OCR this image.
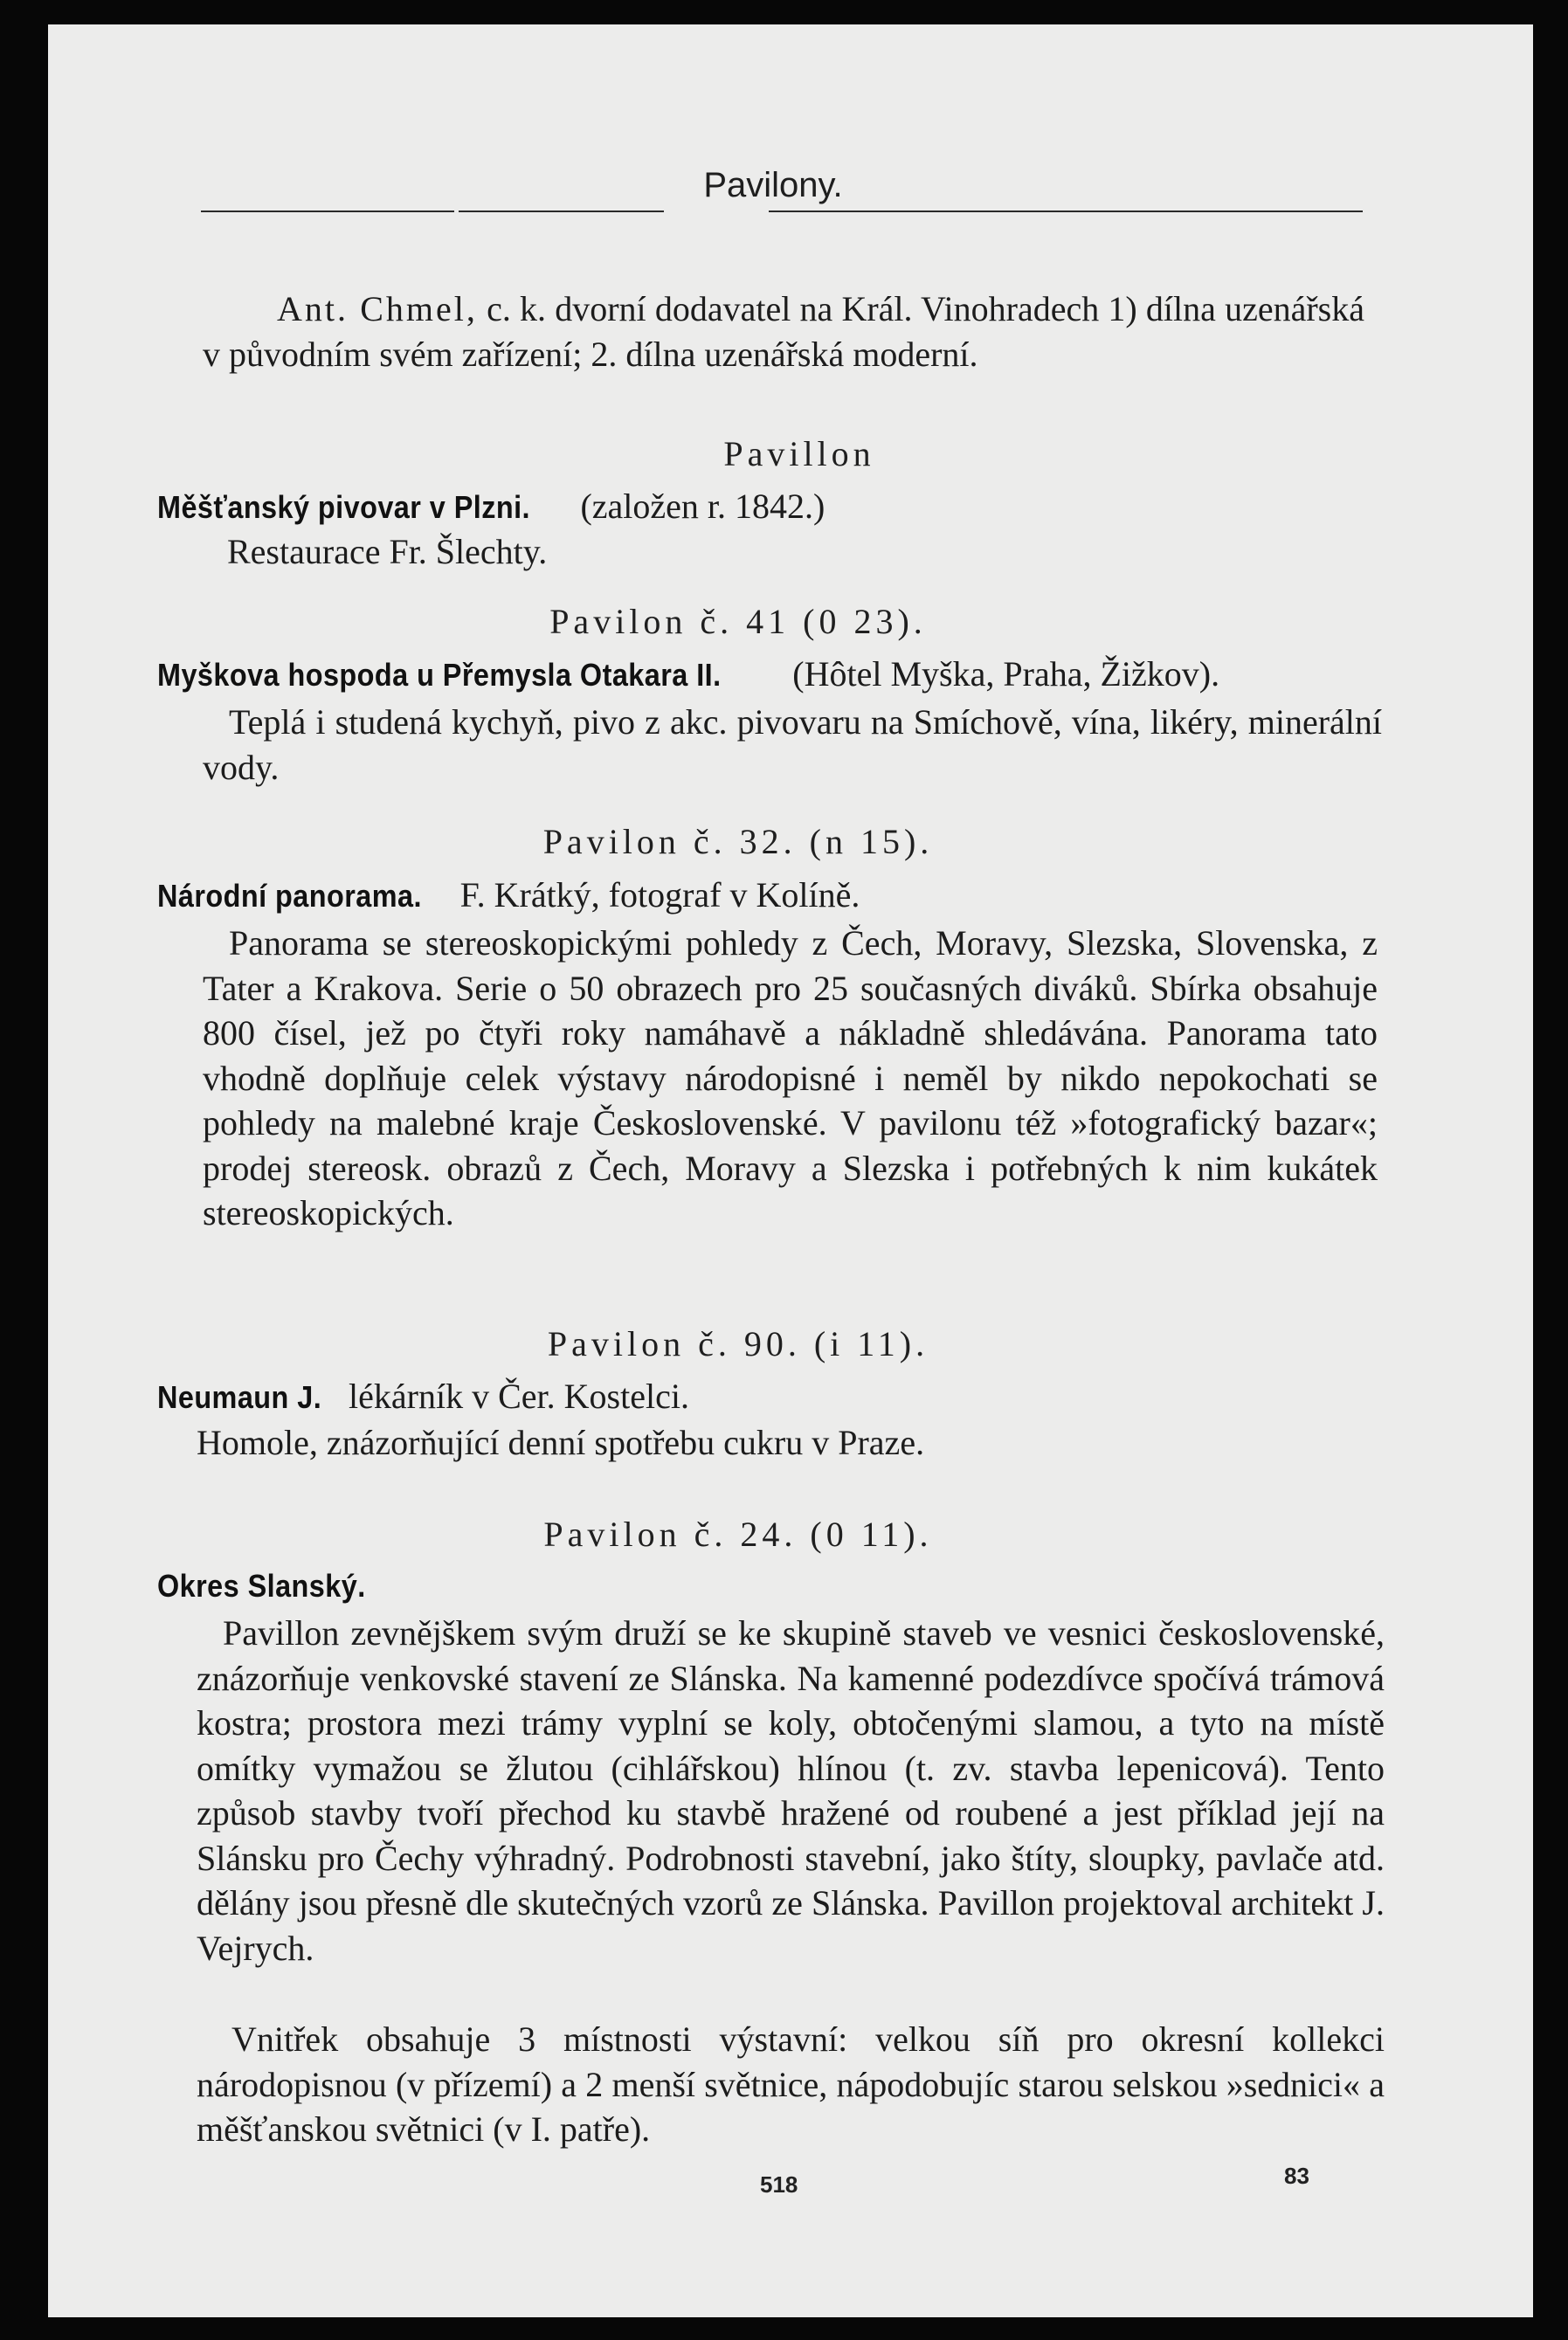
Pavilony.
Ant. Chmel, c. k. dvorní dodavatel na Král. Vinohradech 1) dílna uzenářská v původním svém zařízení; 2. dílna uzenářská moderní.
Pavillon
Měšťanský pivovar v Plzni. (založen r. 1842.)
Restaurace Fr. Šlechty.
Pavilon č. 41 (0 23).
Myškova hospoda u Přemysla Otakara II. (Hôtel Myška, Praha, Žižkov).
Teplá i studená kychyň, pivo z akc. pivovaru na Smíchově, vína, likéry, minerální vody.
Pavilon č. 32. (n 15).
Národní panorama. F. Krátký, fotograf v Kolíně.
Panorama se stereoskopickými pohledy z Čech, Moravy, Slezska, Slovenska, z Tater a Krakova. Serie o 50 obrazech pro 25 současných diváků. Sbírka obsahuje 800 čísel, jež po čtyři roky namáhavě a nákladně shledávána. Panorama tato vhodně doplňuje celek výstavy národopisné i neměl by nikdo nepokochati se pohledy na malebné kraje Československé. V pavilonu též »fotografický bazar«; prodej stereosk. obrazů z Čech, Moravy a Slezska i potřebných k nim kukátek stereoskopických.
Pavilon č. 90. (i 11).
Neumaun J. lékárník v Čer. Kostelci.
Homole, znázorňující denní spotřebu cukru v Praze.
Pavilon č. 24. (0 11).
Okres Slanský.
Pavillon zevnějškem svým druží se ke skupině staveb ve vesnici československé, znázorňuje venkovské stavení ze Slánska. Na kamenné podezdívce spočívá trámová kostra; prostora mezi trámy vyplní se koly, obtočenými slamou, a tyto na místě omítky vymažou se žlutou (cihlářskou) hlínou (t. zv. stavba lepenicová). Tento způsob stavby tvoří přechod ku stavbě hražené od roubené a jest příklad její na Slánsku pro Čechy výhradný. Podrobnosti stavební, jako štíty, sloupky, pavlače atd. dělány jsou přesně dle skutečných vzorů ze Slánska. Pavillon projektoval architekt J. Vejrych.
Vnitřek obsahuje 3 místnosti výstavní: velkou síň pro okresní kollekci národopisnou (v přízemí) a 2 menší světnice, nápodobujíc starou selskou »sednici« a měšťanskou světnici (v I. patře).
518	83
